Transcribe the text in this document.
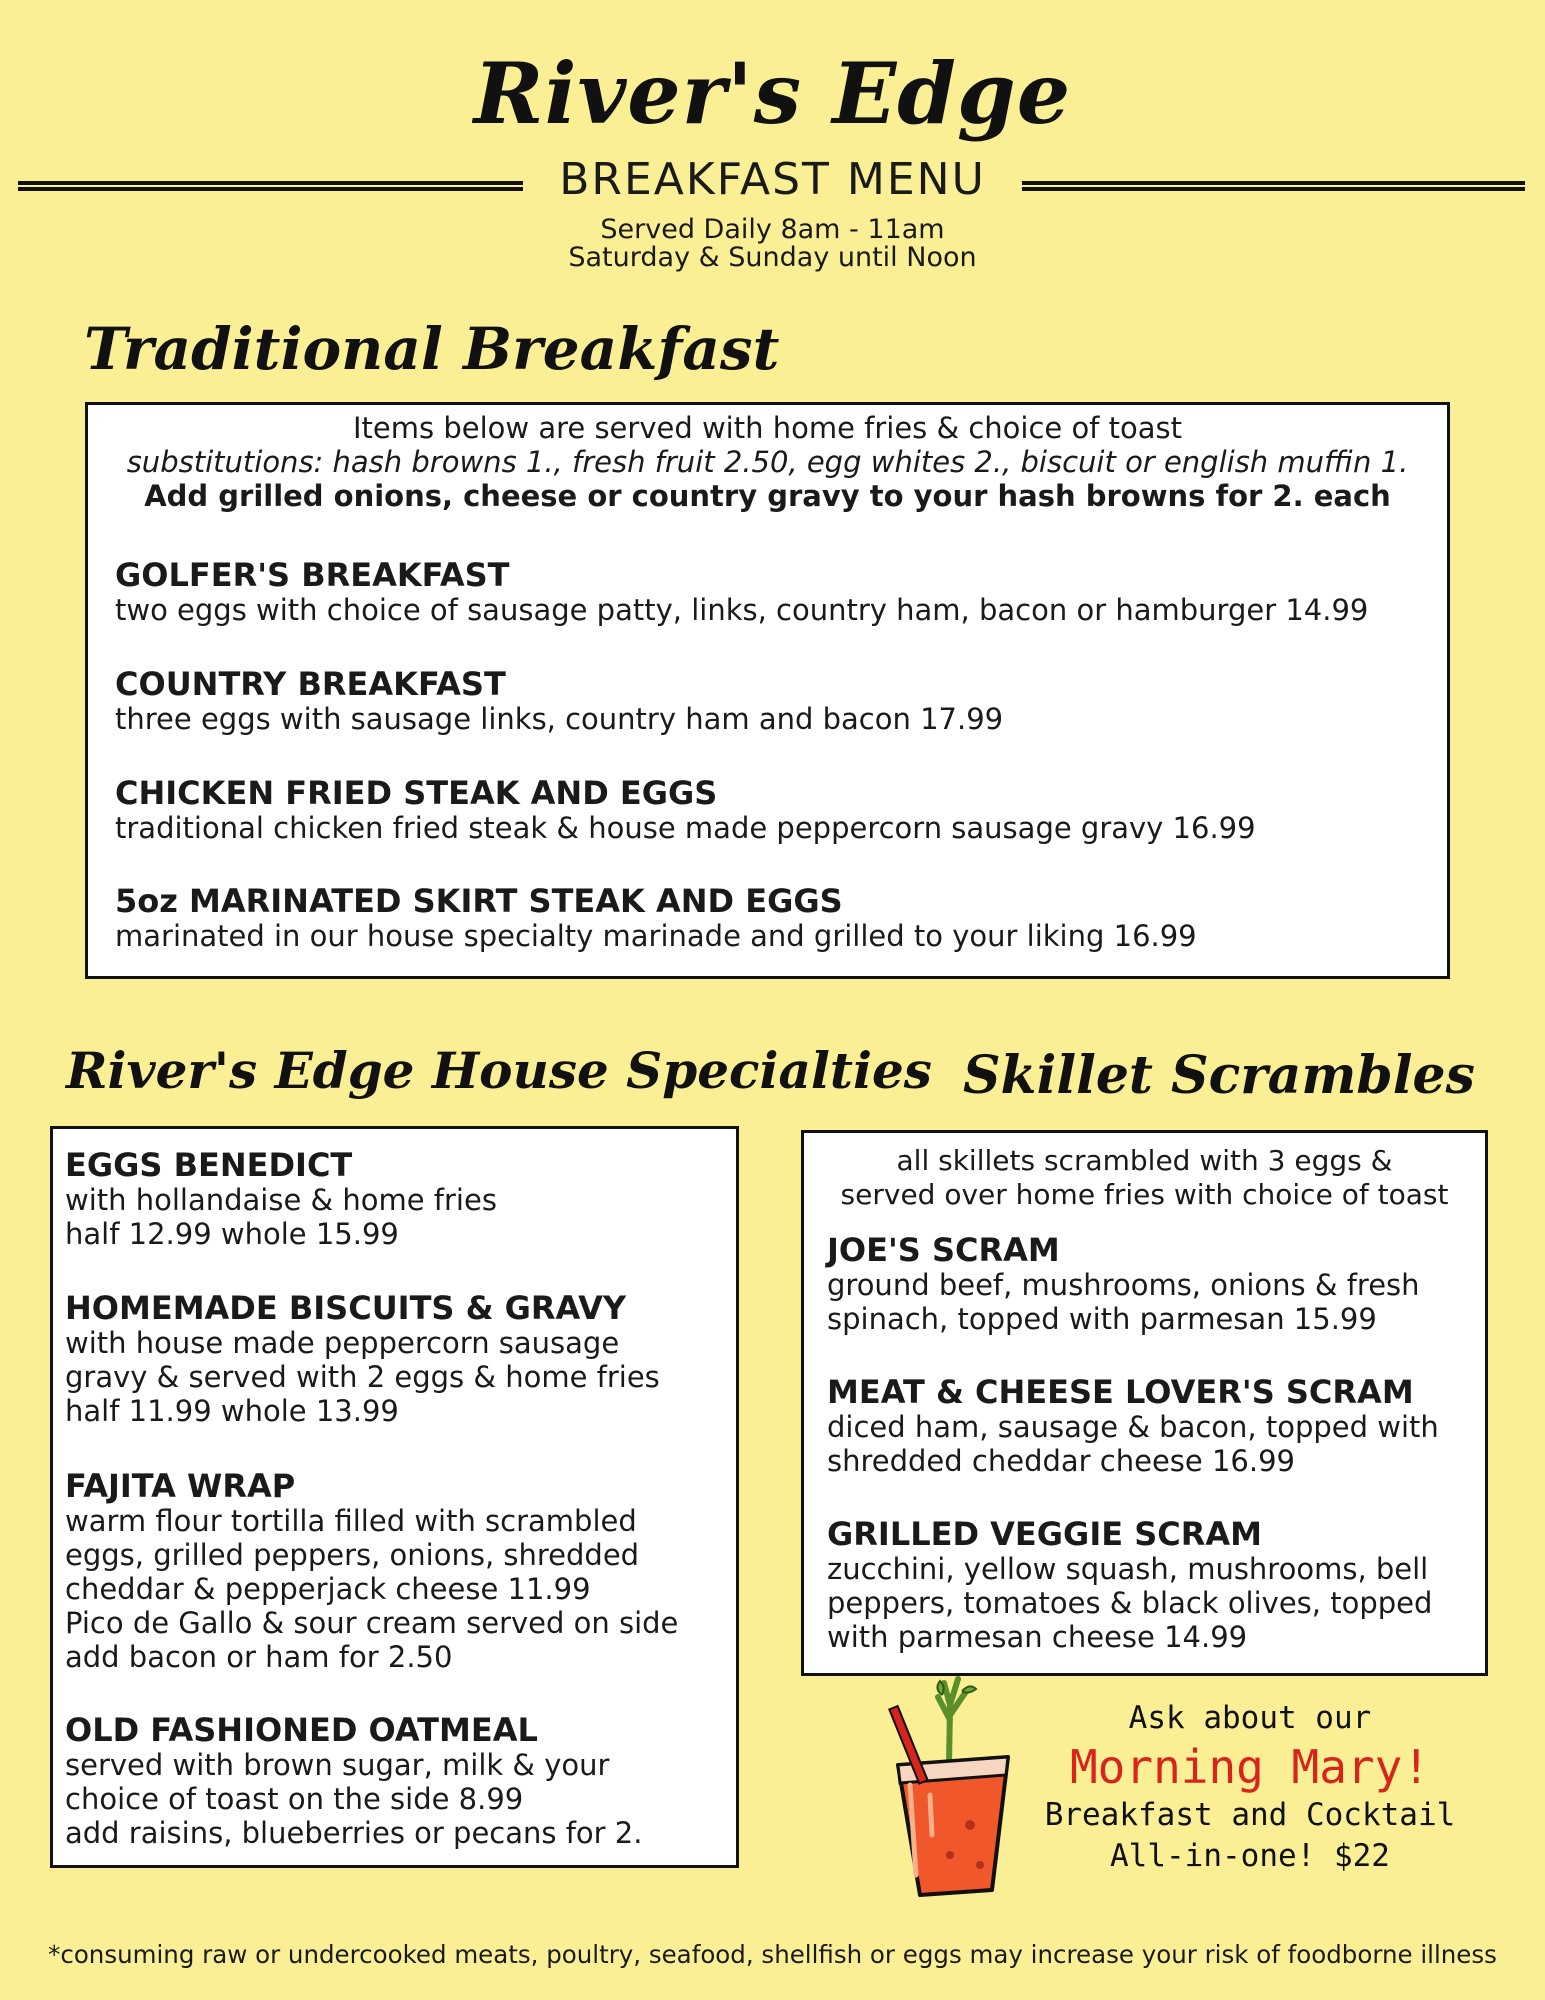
River's Edge
BREAKFAST MENU
Served Daily 8am - 11am
Saturday & Sunday until Noon
Traditional Breakfast
Items below are served with home fries & choice of toast
substitutions: hash browns 1., fresh fruit 2.50, egg whites 2., biscuit or english muffin 1.
Add grilled onions, cheese or country gravy to your hash browns for 2. each
GOLFER'S BREAKFAST
two eggs with choice of sausage patty, links, country ham, bacon or hamburger 14.99
COUNTRY BREAKFAST
three eggs with sausage links, country ham and bacon 17.99
CHICKEN FRIED STEAK AND EGGS
traditional chicken fried steak & house made peppercorn sausage gravy 16.99
5oz MARINATED SKIRT STEAK AND EGGS
marinated in our house specialty marinade and grilled to your liking 16.99
River's Edge House Specialties
EGGS BENEDICT
with hollandaise & home fries
half 12.99 whole 15.99
HOMEMADE BISCUITS & GRAVY
with house made peppercorn sausage
gravy & served with 2 eggs & home fries
half 11.99 whole 13.99
FAJITA WRAP
warm flour tortilla filled with scrambled
eggs, grilled peppers, onions, shredded
cheddar & pepperjack cheese 11.99
Pico de Gallo & sour cream served on side
add bacon or ham for 2.50
OLD FASHIONED OATMEAL
served with brown sugar, milk & your
choice of toast on the side 8.99
add raisins, blueberries or pecans for 2.
Skillet Scrambles
all skillets scrambled with 3 eggs &
served over home fries with choice of toast
JOE'S SCRAM
ground beef, mushrooms, onions & fresh
spinach, topped with parmesan 15.99
MEAT & CHEESE LOVER'S SCRAM
diced ham, sausage & bacon, topped with
shredded cheddar cheese 16.99
GRILLED VEGGIE SCRAM
zucchini, yellow squash, mushrooms, bell
peppers, tomatoes & black olives, topped
with parmesan cheese 14.99
Ask about our
Morning Mary!
Breakfast and Cocktail
All-in-one! $22
*consuming raw or undercooked meats, poultry, seafood, shellfish or eggs may increase your risk of foodborne illness
